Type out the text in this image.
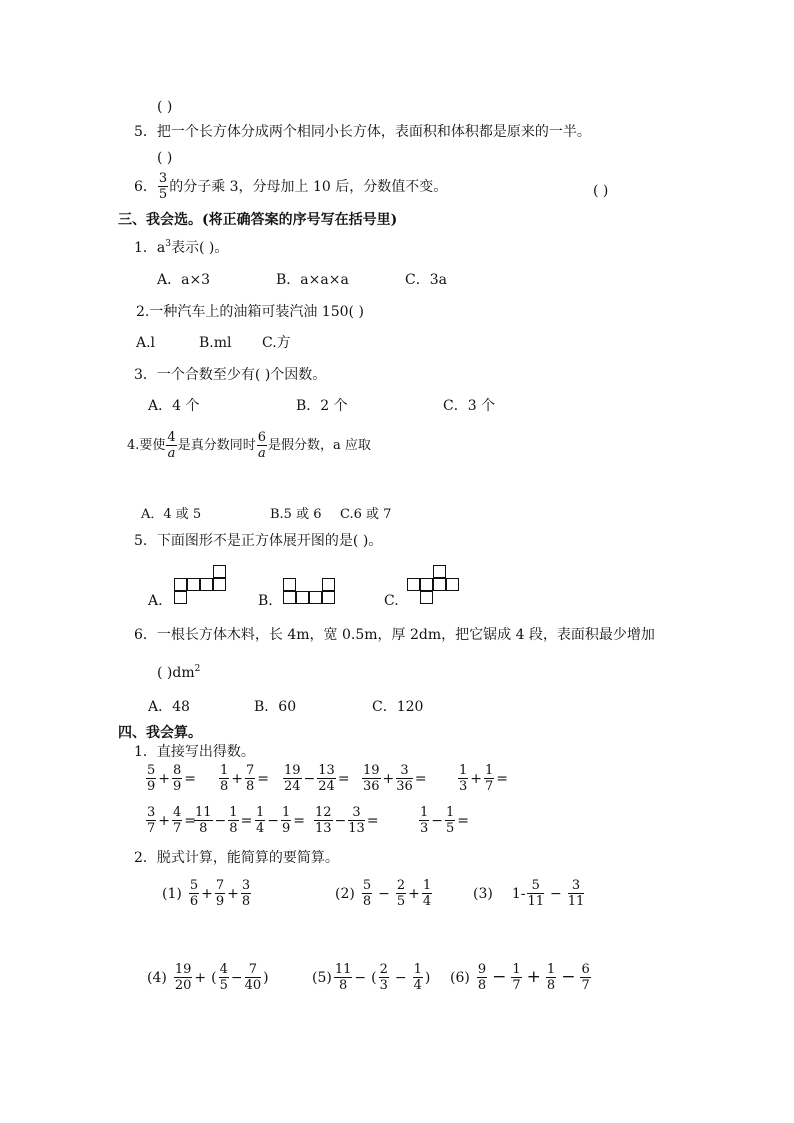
( )
5．把一个长方体分成两个相同小长方体，表面积和体积都是原来的一半。
( )
6． $\frac{3}{5}$ 的分子乘 3，分母加上 10 后，分数值不变。	( )
三、我会选。(将正确答案的序号写在括号里)
1．$a^3$表示( )。
A．a×3	B．a×a×a	C．3a
2.一种汽车上的油箱可装汽油 150( )
A.l	B.ml C.方
3．一个合数至少有( )个因数。
A．4 个	B．2 个	C．3 个
4.要使 $\frac{4}{a}$ 是真分数同时 $\frac{6}{a}$ 是假分数，a 应取
A．4 或 5	B.5 或 6 C.6 或 7
5．下面图形不是正方体展开图的是( )。
A.	B.	C.
6．一根长方体木料，长 4m，宽 0.5m，厚 2dm，把它锯成 4 段，表面积最少增加
( )$dm^2$
A．48	B．60	C．120
四、我会算。
1．直接写出得数。
$\frac{5}{9} + \frac{8}{9} = \frac{1}{8} + \frac{7}{8} = \frac{19}{24} - \frac{13}{24} = \frac{19}{36} + \frac{3}{36} = \frac{1}{3} + \frac{1}{7}$ =
$\frac{3}{7} + \frac{4}{7}$ =
$\frac{11}{8} - \frac{1}{8} = \frac{1}{4} - \frac{1}{9} = \frac{12}{13} - \frac{3}{13}$ =	$\frac{1}{3} - \frac{1}{5}$ =
2．脱式计算，能简算的要简算。
$(1) \frac{5}{6} + \frac{7}{9} + \frac{3}{8}$	$(2) \frac{5}{8} - \frac{2}{5} + \frac{1}{4}$	(3) $1- \frac{5}{11} - \frac{3}{11}$
$(4) \frac{19}{20}$ + ( $\frac{4}{5} - \frac{7}{40}$ )	$(5) \frac{11}{8}$ − ( $\frac{2}{3} - \frac{1}{4}$ ) $(6) \frac{9}{8} - \frac{1}{7} + \frac{1}{8} - \frac{6}{7}$
